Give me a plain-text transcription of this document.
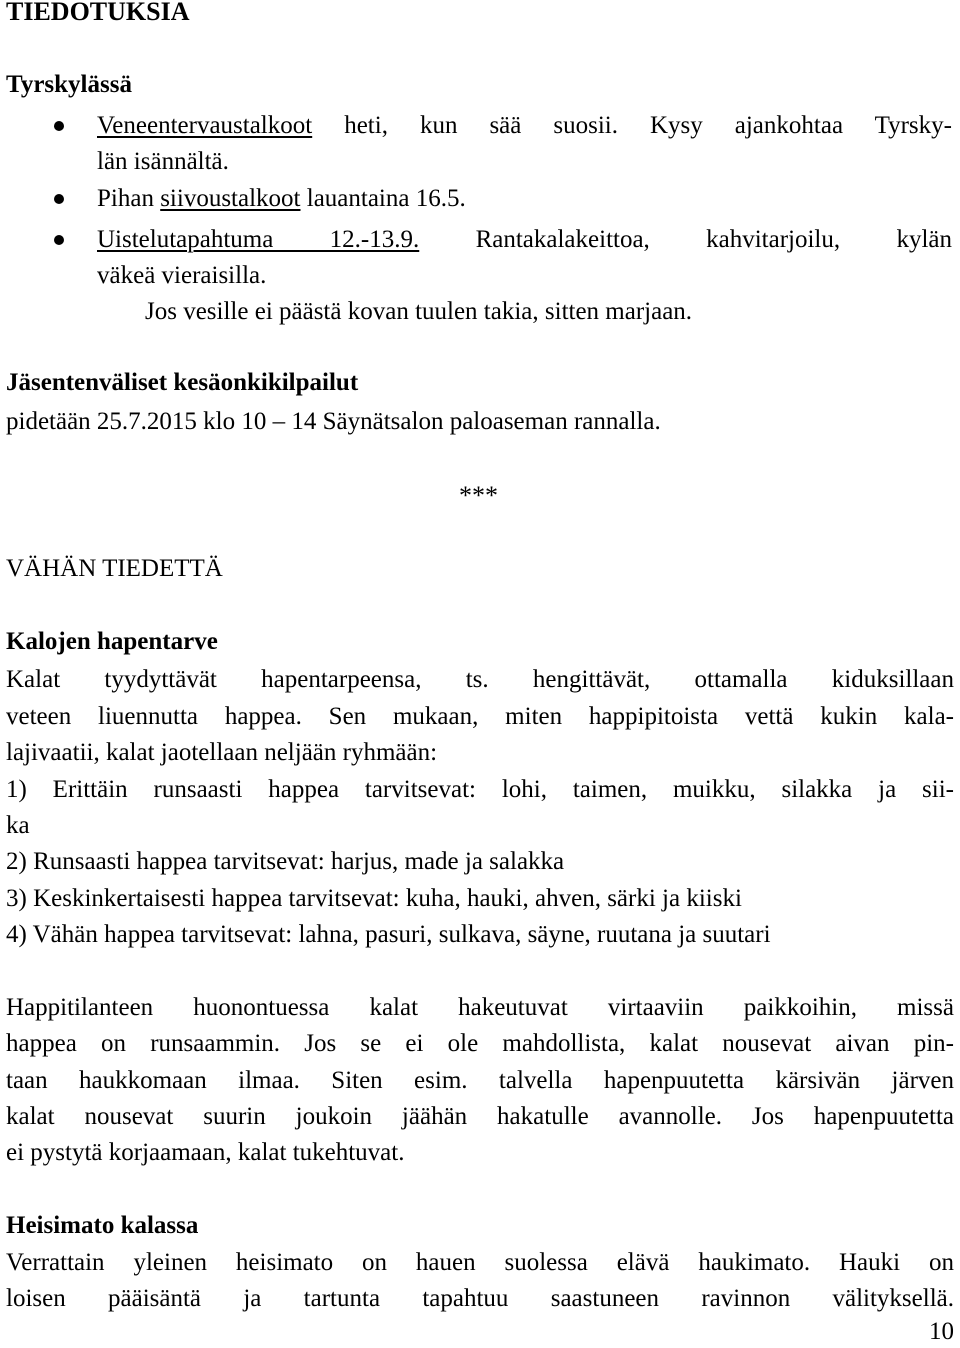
TIEDOTUKSIA

Tyrskylässä

Veneentervaustalkoot heti, kun sää suosii. Kysy ajankohtaa Tyrsky-
län isännältä.

Pihan siivoustalkoot lauantaina 16.5.

Uistelutapahtuma 12.-13.9. Rantakalakeittoa, kahvitarjoilu, kylän
väkeä vieraisilla.
Jos vesille ei päästä kovan tuulen takia, sitten marjaan.

Jäsentenväliset kesäonkikilpailut

pidetään 25.7.2015 klo 10 – 14 Säynätsalon paloaseman rannalla.

***

VÄHÄN TIEDETTÄ

Kalojen hapentarve

Kalat tyydyttävät hapentarpeensa, ts. hengittävät, ottamalla kiduksillaan

veteen liuennutta happea. Sen mukaan, miten happipitoista vettä kukin kala-

lajivaatii, kalat jaotellaan neljään ryhmään:

1) Erittäin runsaasti happea tarvitsevat: lohi, taimen, muikku, silakka ja sii-

ka

2) Runsaasti happea tarvitsevat: harjus, made ja salakka

3) Keskinkertaisesti happea tarvitsevat: kuha, hauki, ahven, särki ja kiiski

4) Vähän happea tarvitsevat: lahna, pasuri, sulkava, säyne, ruutana ja suutari

Happitilanteen huonontuessa kalat hakeutuvat virtaaviin paikkoihin, missä

happea on runsaammin. Jos se ei ole mahdollista, kalat nousevat aivan pin-

taan haukkomaan ilmaa. Siten esim. talvella hapenpuutetta kärsivän järven

kalat nousevat suurin joukoin jäähän hakatulle avannolle. Jos hapenpuutetta

ei pystytä korjaamaan, kalat tukehtuvat.

Heisimato kalassa

Verrattain yleinen heisimato on hauen suolessa elävä haukimato. Hauki on

loisen pääisäntä ja tartunta tapahtuu saastuneen ravinnon välityksellä.

10
